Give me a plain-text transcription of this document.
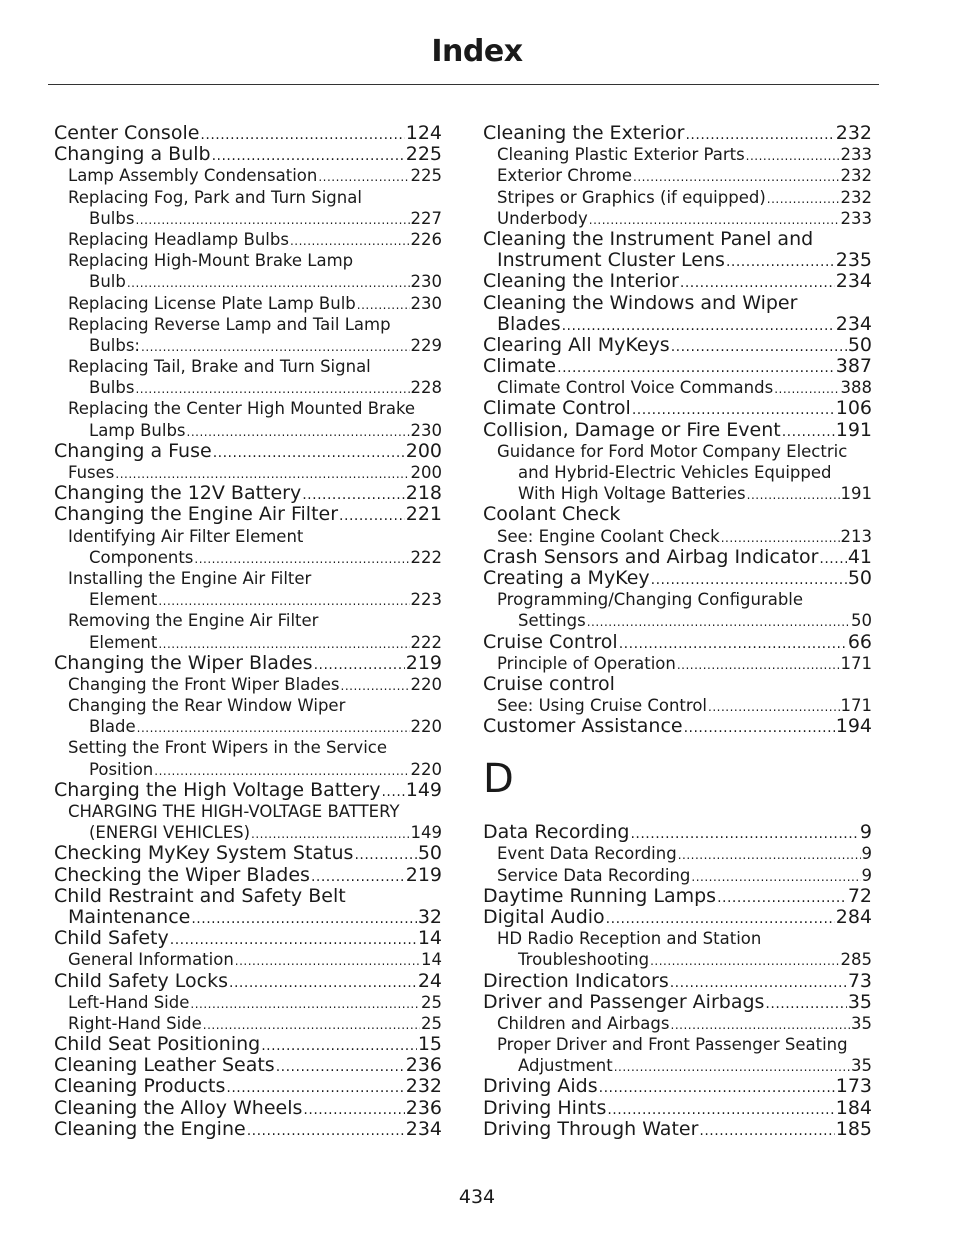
Index
Center Console .....	124
Changing a Bulb .....	225
Lamp Assembly Condensation .....	225
Replacing Fog, Park and Turn Signal
Bulbs .....	227
Replacing Headlamp Bulbs .....	226
Replacing High-Mount Brake Lamp
Bulb .....	230
Replacing License Plate Lamp Bulb .....	230
Replacing Reverse Lamp and Tail Lamp
Bulbs: .....	229
Replacing Tail, Brake and Turn Signal
Bulbs .....	228
Replacing the Center High Mounted Brake
Lamp Bulbs .....	230
Changing a Fuse .....	200
Fuses .....	200
Changing the 12V Battery .....	218
Changing the Engine Air Filter .....	221
Identifying Air Filter Element
Components .....	222
Installing the Engine Air Filter
Element .....	223
Removing the Engine Air Filter
Element .....	222
Changing the Wiper Blades .....	219
Changing the Front Wiper Blades .....	220
Changing the Rear Window Wiper
Blade .....	220
Setting the Front Wipers in the Service
Position .....	220
Charging the High Voltage Battery ..... 149
CHARGING THE HIGH-VOLTAGE BATTERY
(ENERGI VEHICLES) .....	149
Checking MyKey System Status .....	50
Checking the Wiper Blades .....	219
Child Restraint and Safety Belt
Maintenance .....	32
Child Safety .....	14
General Information .....	14
Child Safety Locks .....	24
Left-Hand Side .....	25
Right-Hand Side .....	25
Child Seat Positioning .....	15
Cleaning Leather Seats .....	236
Cleaning Products .....	232
Cleaning the Alloy Wheels .....	236
Cleaning the Engine .....	234
Cleaning the Exterior .....	232
Cleaning Plastic Exterior Parts .....	233
Exterior Chrome .....	232
Stripes or Graphics (if equipped) .....	232
Underbody .....	233
Cleaning the Instrument Panel and
Instrument Cluster Lens .....	235
Cleaning the Interior .....	234
Cleaning the Windows and Wiper
Blades .....	234
Clearing All MyKeys .....	50
Climate .....	387
Climate Control Voice Commands .....	388
Climate Control .....	106
Collision, Damage or Fire Event .....	191
Guidance for Ford Motor Company Electric
and Hybrid-Electric Vehicles Equipped
With High Voltage Batteries .....	191
Coolant Check
See: Engine Coolant Check .....	213
Crash Sensors and Airbag Indicator ..... 41
Creating a MyKey .....	50
Programming/Changing Configurable
Settings .....	50
Cruise Control .....	66
Principle of Operation .....	171
Cruise control
See: Using Cruise Control .....	171
Customer Assistance .....	194
D
Data Recording .....	9
Event Data Recording .....	9
Service Data Recording .....	9
Daytime Running Lamps .....	72
Digital Audio .....	284
HD Radio Reception and Station
Troubleshooting .....	285
Direction Indicators .....	73
Driver and Passenger Airbags .....	35
Children and Airbags .....	35
Proper Driver and Front Passenger Seating
Adjustment .....	35
Driving Aids .....	173
Driving Hints .....	184
Driving Through Water .....	185
434
